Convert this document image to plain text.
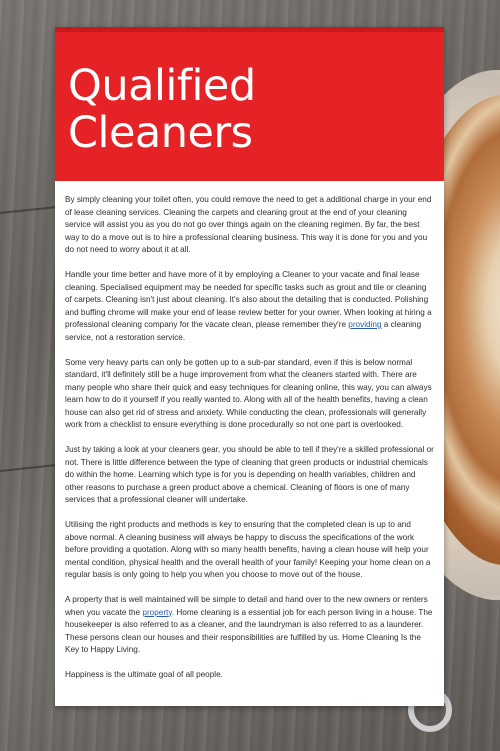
Qualified Cleaners

By simply cleaning your toilet often, you could remove the need to get a additional charge in your end of lease cleaning services. Cleaning the carpets and cleaning grout at the end of your cleaning service will assist you as you do not go over things again on the cleaning regimen. By far, the best way to do a move out is to hire a professional cleaning business. This way it is done for you and you do not need to worry about it at all.

Handle your time better and have more of it by employing a Cleaner to your vacate and final lease cleaning. Specialised equipment may be needed for specific tasks such as grout and tile or cleaning of carpets. Cleaning isn't just about cleaning. It's also about the detailing that is conducted. Polishing and buffing chrome will make your end of lease review better for your owner. When looking at hiring a professional cleaning company for the vacate clean, please remember they're providing a cleaning service, not a restoration service.

Some very heavy parts can only be gotten up to a sub-par standard, even if this is below normal standard, it'll definitely still be a huge improvement from what the cleaners started with. There are many people who share their quick and easy techniques for cleaning online, this way, you can always learn how to do it yourself if you really wanted to. Along with all of the health benefits, having a clean house can also get rid of stress and anxiety. While conducting the clean, professionals will generally work from a checklist to ensure everything is done procedurally so not one part is overlooked.

Just by taking a look at your cleaners gear, you should be able to tell if they're a skilled professional or not. There is little difference between the type of cleaning that green products or industrial chemicals do within the home. Learning which type is for you is depending on health variables, children and other reasons to purchase a green product above a chemical. Cleaning of floors is one of many services that a professional cleaner will undertake.

Utilising the right products and methods is key to ensuring that the completed clean is up to and above normal. A cleaning business will always be happy to discuss the specifications of the work before providing a quotation. Along with so many health benefits, having a clean house will help your mental condition, physical health and the overall health of your family! Keeping your home clean on a regular basis is only going to help you when you choose to move out of the house.

A property that is well maintained will be simple to detail and hand over to the new owners or renters when you vacate the property. Home cleaning is a essential job for each person living in a house. The housekeeper is also referred to as a cleaner, and the laundryman is also referred to as a launderer. These persons clean our houses and their responsibilities are fulfilled by us. Home Cleaning Is the Key to Happy Living.

Happiness is the ultimate goal of all people.
